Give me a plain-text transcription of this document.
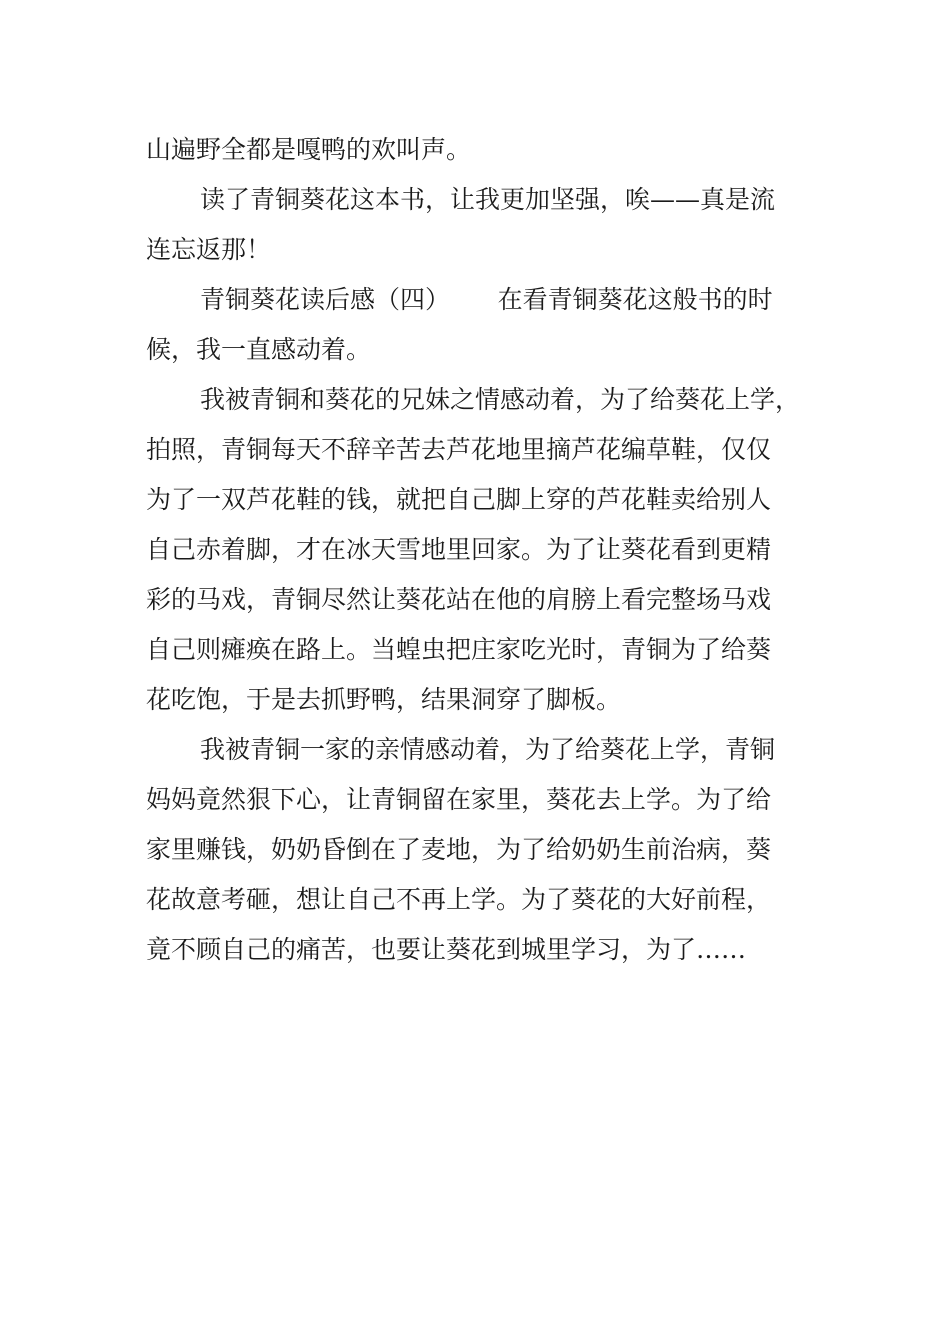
山遍野全都是嘎鸭的欢叫声。
读了青铜葵花这本书，让我更加坚强，唉——真是流
连忘返那！
青铜葵花读后感（四）      在看青铜葵花这般书的时
候，我一直感动着。
我被青铜和葵花的兄妹之情感动着，为了给葵花上学，
拍照，青铜每天不辞辛苦去芦花地里摘芦花编草鞋，仅仅
为了一双芦花鞋的钱，就把自己脚上穿的芦花鞋卖给别人
自己赤着脚，才在冰天雪地里回家。为了让葵花看到更精
彩的马戏，青铜尽然让葵花站在他的肩膀上看完整场马戏
自己则瘫痪在路上。当蝗虫把庄家吃光时，青铜为了给葵
花吃饱，于是去抓野鸭，结果洞穿了脚板。
我被青铜一家的亲情感动着，为了给葵花上学，青铜
妈妈竟然狠下心，让青铜留在家里，葵花去上学。为了给
家里赚钱，奶奶昏倒在了麦地，为了给奶奶生前治病，葵
花故意考砸，想让自己不再上学。为了葵花的大好前程，
竟不顾自己的痛苦，也要让葵花到城里学习，为了……
